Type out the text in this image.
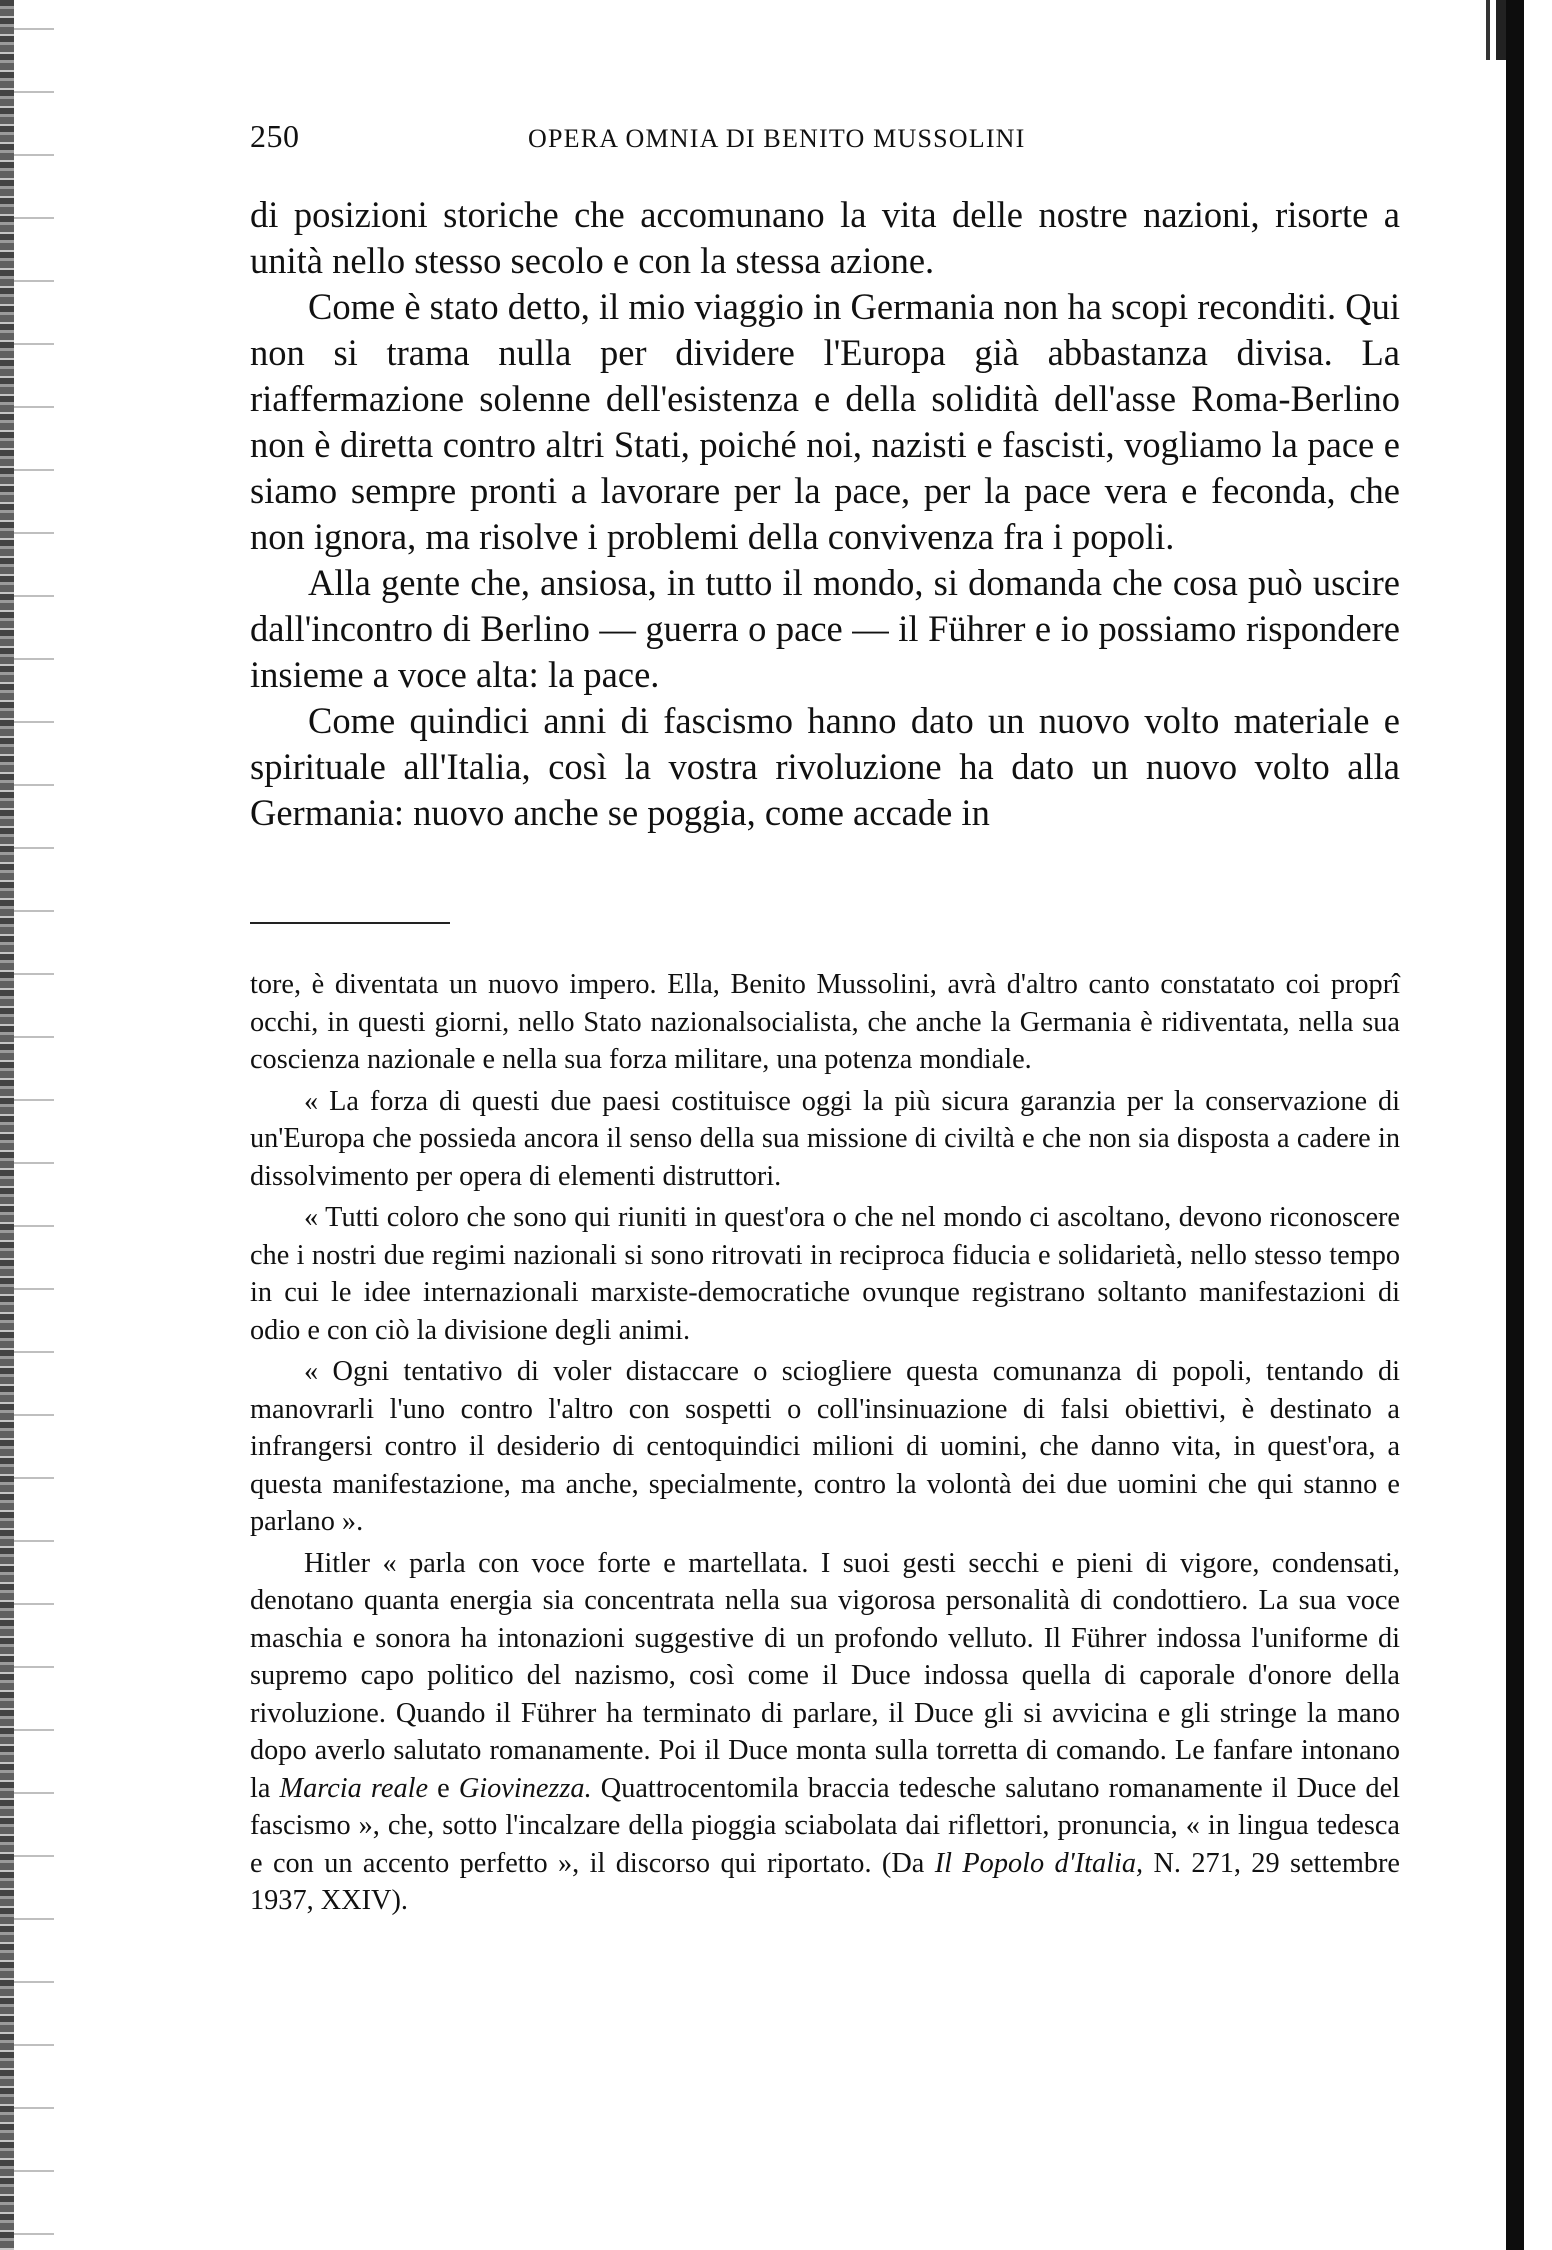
250	OPERA OMNIA DI BENITO MUSSOLINI

di posizioni storiche che accomunano la vita delle nostre nazioni, risorte a unità nello stesso secolo e con la stessa azione.

Come è stato detto, il mio viaggio in Germania non ha scopi reconditi. Qui non si trama nulla per dividere l'Europa già abbastanza divisa. La riaffermazione solenne dell'esistenza e della solidità dell'asse Roma-Berlino non è diretta contro altri Stati, poiché noi, nazisti e fascisti, vogliamo la pace e siamo sempre pronti a lavorare per la pace, per la pace vera e feconda, che non ignora, ma risolve i problemi della convivenza fra i popoli.

Alla gente che, ansiosa, in tutto il mondo, si domanda che cosa può uscire dall'incontro di Berlino — guerra o pace — il Führer e io possiamo rispondere insieme a voce alta: la pace.

Come quindici anni di fascismo hanno dato un nuovo volto materiale e spirituale all'Italia, così la vostra rivoluzione ha dato un nuovo volto alla Germania: nuovo anche se poggia, come accade in

tore, è diventata un nuovo impero. Ella, Benito Mussolini, avrà d'altro canto constatato coi proprî occhi, in questi giorni, nello Stato nazionalsocialista, che anche la Germania è ridiventata, nella sua coscienza nazionale e nella sua forza militare, una potenza mondiale.

« La forza di questi due paesi costituisce oggi la più sicura garanzia per la conservazione di un'Europa che possieda ancora il senso della sua missione di civiltà e che non sia disposta a cadere in dissolvimento per opera di elementi distruttori.

« Tutti coloro che sono qui riuniti in quest'ora o che nel mondo ci ascoltano, devono riconoscere che i nostri due regimi nazionali si sono ritrovati in reciproca fiducia e solidarietà, nello stesso tempo in cui le idee internazionali marxiste-democratiche ovunque registrano soltanto manifestazioni di odio e con ciò la divisione degli animi.

« Ogni tentativo di voler distaccare o sciogliere questa comunanza di popoli, tentando di manovrarli l'uno contro l'altro con sospetti o coll'insinuazione di falsi obiettivi, è destinato a infrangersi contro il desiderio di centoquindici milioni di uomini, che danno vita, in quest'ora, a questa manifestazione, ma anche, specialmente, contro la volontà dei due uomini che qui stanno e parlano ».

Hitler « parla con voce forte e martellata. I suoi gesti secchi e pieni di vigore, condensati, denotano quanta energia sia concentrata nella sua vigorosa personalità di condottiero. La sua voce maschia e sonora ha intonazioni suggestive di un profondo velluto. Il Führer indossa l'uniforme di supremo capo politico del nazismo, così come il Duce indossa quella di caporale d'onore della rivoluzione. Quando il Führer ha terminato di parlare, il Duce gli si avvicina e gli stringe la mano dopo averlo salutato romanamente. Poi il Duce monta sulla torretta di comando. Le fanfare intonano la Marcia reale e Giovinezza. Quattrocentomila braccia tedesche salutano romanamente il Duce del fascismo », che, sotto l'incalzare della pioggia sciabolata dai riflettori, pronuncia, « in lingua tedesca e con un accento perfetto », il discorso qui riportato. (Da Il Popolo d'Italia, N. 271, 29 settembre 1937, XXIV).
